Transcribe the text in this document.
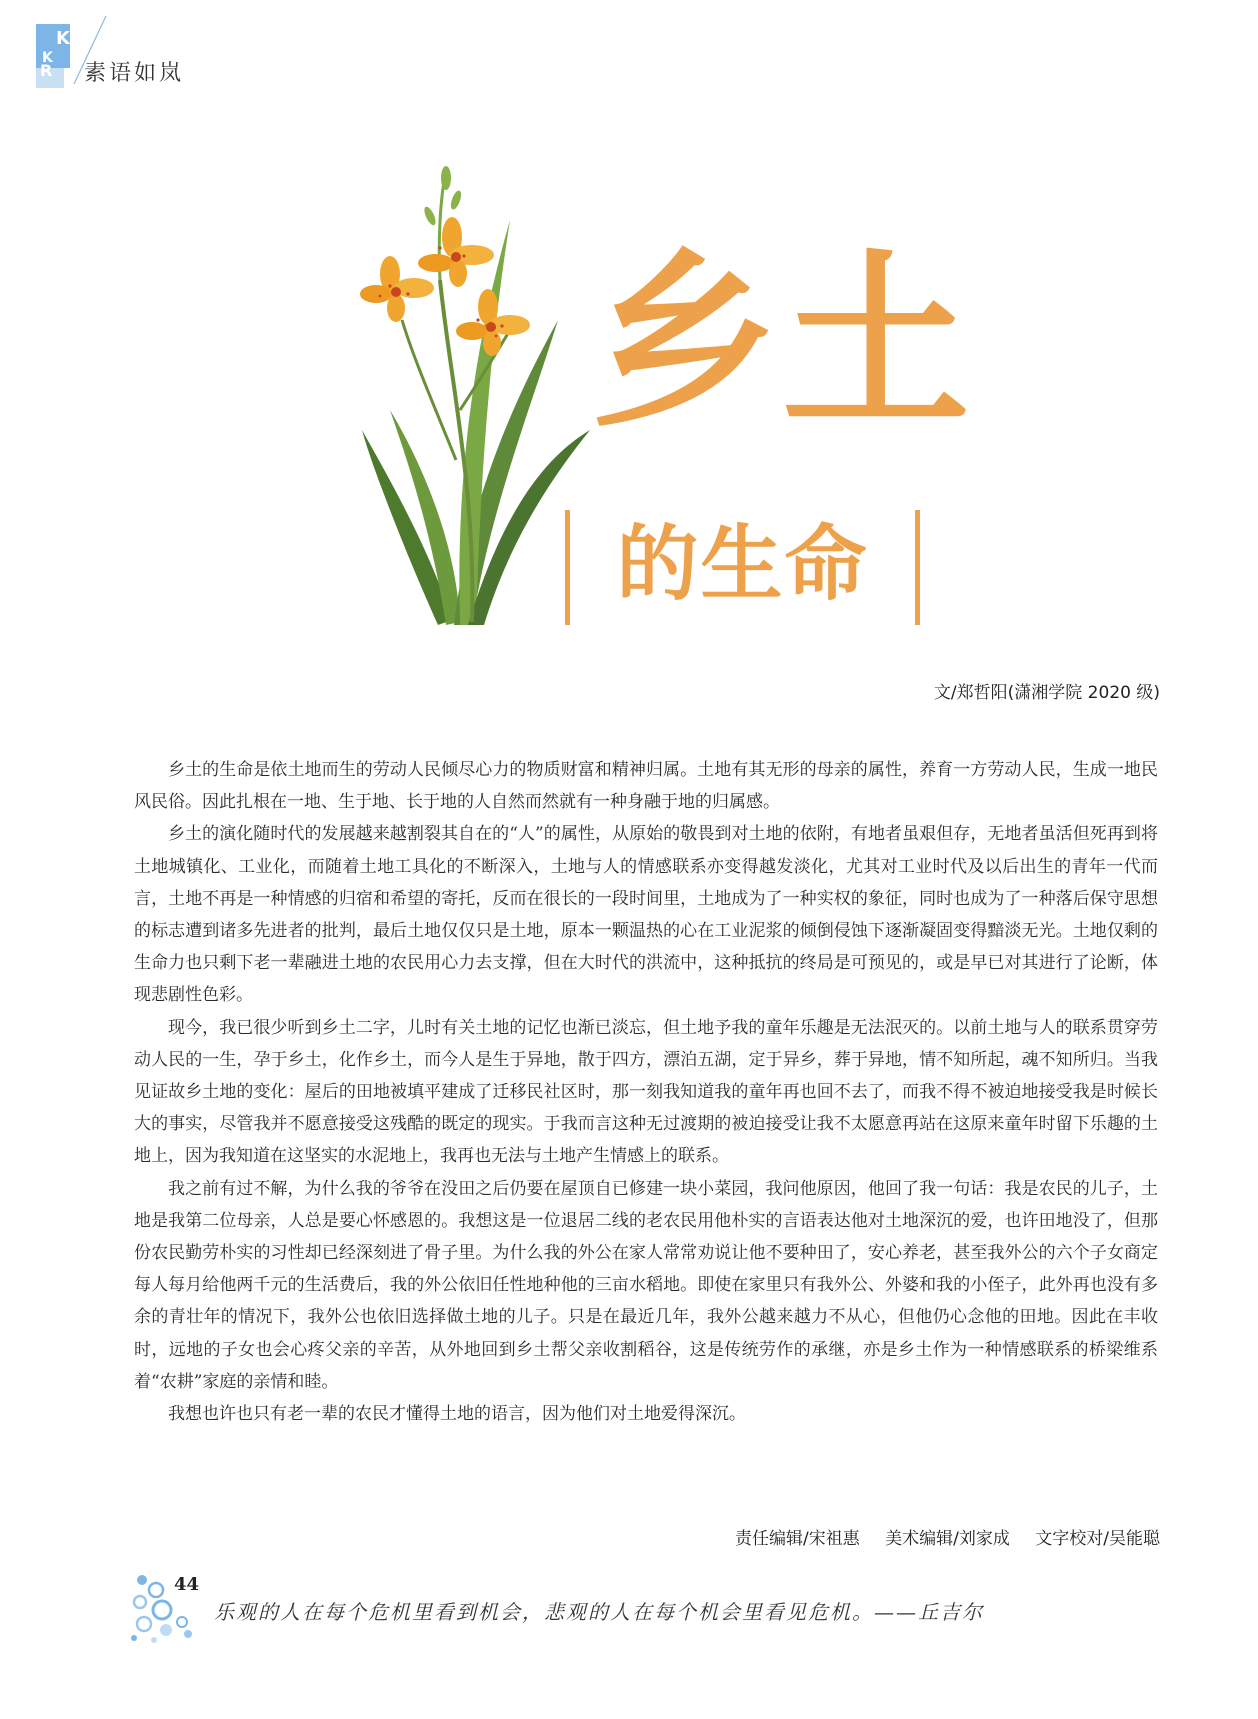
K
K
R 素语如岚
乡土
的生命
文/郑哲阳(潇湘学院 2020 级)

乡土的生命是依土地而生的劳动人民倾尽心力的物质财富和精神归属。土地有其无形的母亲的属性，养育一方劳动人民，生成一地民风民俗。因此扎根在一地、生于地、长于地的人自然而然就有一种身融于地的归属感。

乡土的演化随时代的发展越来越割裂其自在的“人”的属性，从原始的敬畏到对土地的依附，有地者虽艰但存，无地者虽活但死再到将土地城镇化、工业化，而随着土地工具化的不断深入，土地与人的情感联系亦变得越发淡化，尤其对工业时代及以后出生的青年一代而言，土地不再是一种情感的归宿和希望的寄托，反而在很长的一段时间里，土地成为了一种实权的象征，同时也成为了一种落后保守思想的标志遭到诸多先进者的批判，最后土地仅仅只是土地，原本一颗温热的心在工业泥浆的倾倒侵蚀下逐渐凝固变得黯淡无光。土地仅剩的生命力也只剩下老一辈融进土地的农民用心力去支撑，但在大时代的洪流中，这种抵抗的终局是可预见的，或是早已对其进行了论断，体现悲剧性色彩。

现今，我已很少听到乡土二字，儿时有关土地的记忆也渐已淡忘，但土地予我的童年乐趣是无法泯灭的。以前土地与人的联系贯穿劳动人民的一生，孕于乡土，化作乡土，而今人是生于异地，散于四方，漂泊五湖，定于异乡，葬于异地，情不知所起，魂不知所归。当我见证故乡土地的变化：屋后的田地被填平建成了迁移民社区时，那一刻我知道我的童年再也回不去了，而我不得不被迫地接受我是时候长大的事实，尽管我并不愿意接受这残酷的既定的现实。于我而言这种无过渡期的被迫接受让我不太愿意再站在这原来童年时留下乐趣的土地上，因为我知道在这坚实的水泥地上，我再也无法与土地产生情感上的联系。

我之前有过不解，为什么我的爷爷在没田之后仍要在屋顶自已修建一块小菜园，我问他原因，他回了我一句话：我是农民的儿子，土地是我第二位母亲，人总是要心怀感恩的。我想这是一位退居二线的老农民用他朴实的言语表达他对土地深沉的爱，也许田地没了，但那份农民勤劳朴实的习性却已经深刻进了骨子里。为什么我的外公在家人常常劝说让他不要种田了，安心养老，甚至我外公的六个子女商定每人每月给他两千元的生活费后，我的外公依旧任性地种他的三亩水稻地。即使在家里只有我外公、外婆和我的小侄子，此外再也没有多余的青壮年的情况下，我外公也依旧选择做土地的儿子。只是在最近几年，我外公越来越力不从心，但他仍心念他的田地。因此在丰收时，远地的子女也会心疼父亲的辛苦，从外地回到乡土帮父亲收割稻谷，这是传统劳作的承继，亦是乡土作为一种情感联系的桥梁维系着“农耕”家庭的亲情和睦。

我想也许也只有老一辈的农民才懂得土地的语言，因为他们对土地爱得深沉。

责任编辑/宋祖惠 美术编辑/刘家成 文字校对/吴能聪
44
乐观的人在每个危机里看到机会，悲观的人在每个机会里看见危机。——丘吉尔
